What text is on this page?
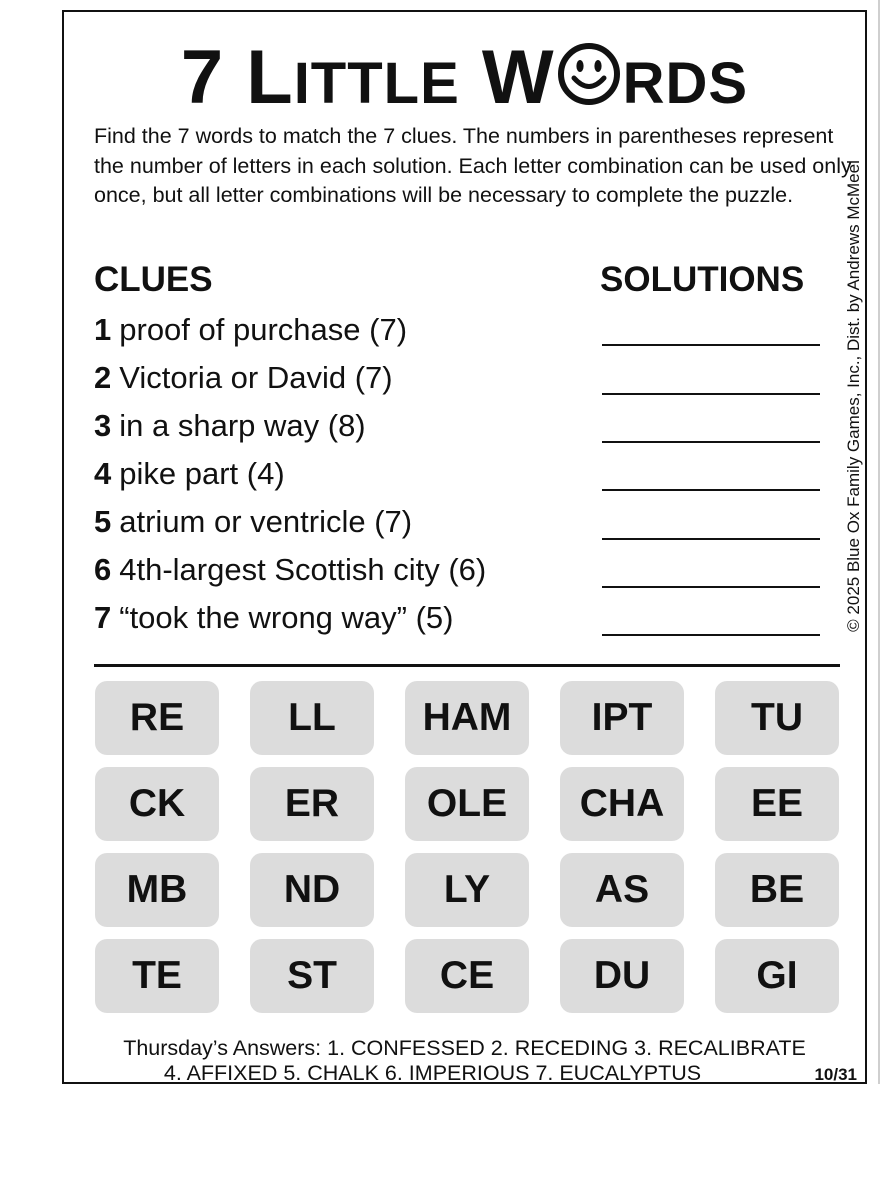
7 LITTLE W RDS

Find the 7 words to match the 7 clues. The numbers in parentheses represent the number of letters in each solution. Each letter combination can be used only once, but all letter combinations will be necessary to complete the puzzle.

CLUES	SOLUTIONS
1 proof of purchase (7)
2 Victoria or David (7)
3 in a sharp way (8)
4 pike part (4)
5 atrium or ventricle (7)
6 4th-largest Scottish city (6)
7 “took the wrong way” (5)
RE	LL	HAM	IPT	TU
CK	ER	OLE	CHA	EE
MB	ND	LY	AS	BE
TE	ST	CE	DU	GI
Thursday’s Answers: 1. CONFESSED 2. RECEDING 3. RECALIBRATE
4. AFFIXED 5. CHALK 6. IMPERIOUS 7. EUCALYPTUS	10/31
© 2025 Blue Ox Family Games, Inc., Dist. by Andrews McMeel
